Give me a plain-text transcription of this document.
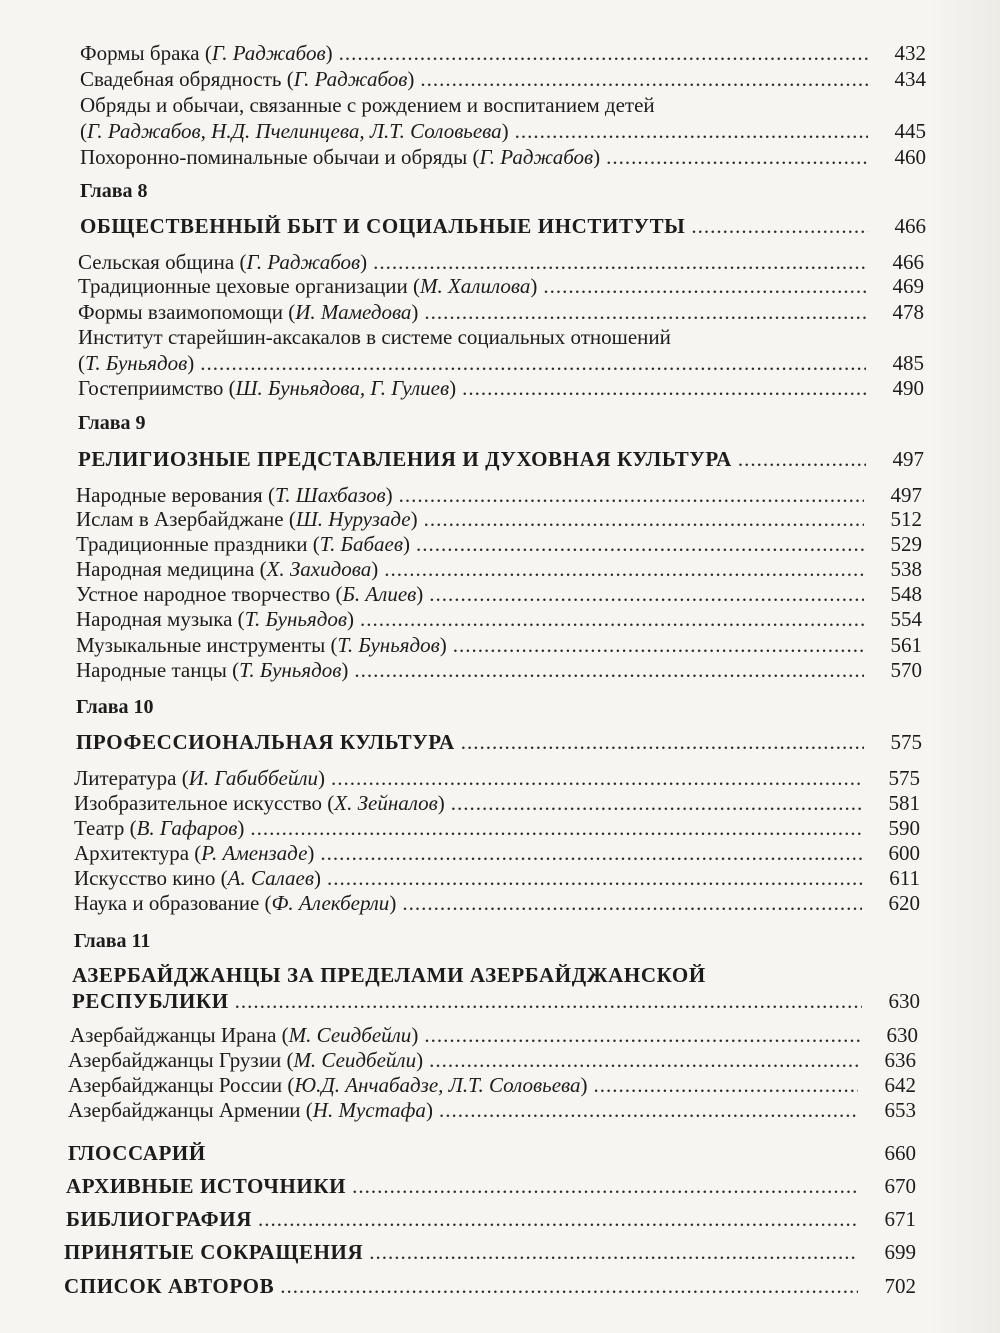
Формы брака (Г. Раджабов) .....	432
Свадебная обрядность (Г. Раджабов) .....	434
Обряды и обычаи, связанные с рождением и воспитанием детей
(Г. Раджабов, Н.Д. Пчелинцева, Л.Т. Соловьева) .....	445
Похоронно-поминальные обычаи и обряды (Г. Раджабов) .....	460
Глава 8
ОБЩЕСТВЕННЫЙ БЫТ И СОЦИАЛЬНЫЕ ИНСТИТУТЫ .....	466
Сельская община (Г. Раджабов) .....	466
Традиционные цеховые организации (М. Халилова) .....	469
Формы взаимопомощи (И. Мамедова) .....	478
Институт старейшин-аксакалов в системе социальных отношений
(Т. Буньядов) .....	485
Гостеприимство (Ш. Буньядова, Г. Гулиев) .....	490
Глава 9
РЕЛИГИОЗНЫЕ ПРЕДСТАВЛЕНИЯ И ДУХОВНАЯ КУЛЬТУРА .....	497
Народные верования (Т. Шахбазов) .....	497
Ислам в Азербайджане (Ш. Нурузаде) .....	512
Традиционные праздники (Т. Бабаев) .....	529
Народная медицина (Х. Захидова) .....	538
Устное народное творчество (Б. Алиев) .....	548
Народная музыка (Т. Буньядов) .....	554
Музыкальные инструменты (Т. Буньядов) .....	561
Народные танцы (Т. Буньядов) .....	570
Глава 10
ПРОФЕССИОНАЛЬНАЯ КУЛЬТУРА .....	575
Литература (И. Габиббейли) .....	575
Изобразительное искусство (Х. Зейналов) .....	581
Театр (В. Гафаров) .....	590
Архитектура (Р. Амензаде) .....	600
Искусство кино (А. Салаев) .....	611
Наука и образование (Ф. Алекберли) .....	620
Глава 11
АЗЕРБАЙДЖАНЦЫ ЗА ПРЕДЕЛАМИ АЗЕРБАЙДЖАНСКОЙ
РЕСПУБЛИКИ .....	630
Азербайджанцы Ирана (М. Сеидбейли) .....	630
Азербайджанцы Грузии (М. Сеидбейли) .....	636
Азербайджанцы России (Ю.Д. Анчабадзе, Л.Т. Соловьева) .....	642
Азербайджанцы Армении (Н. Мустафа) .....	653
ГЛОССАРИЙ	660
АРХИВНЫЕ ИСТОЧНИКИ .....	670
БИБЛИОГРАФИЯ .....	671
ПРИНЯТЫЕ СОКРАЩЕНИЯ .....	699
СПИСОК АВТОРОВ .....	702
